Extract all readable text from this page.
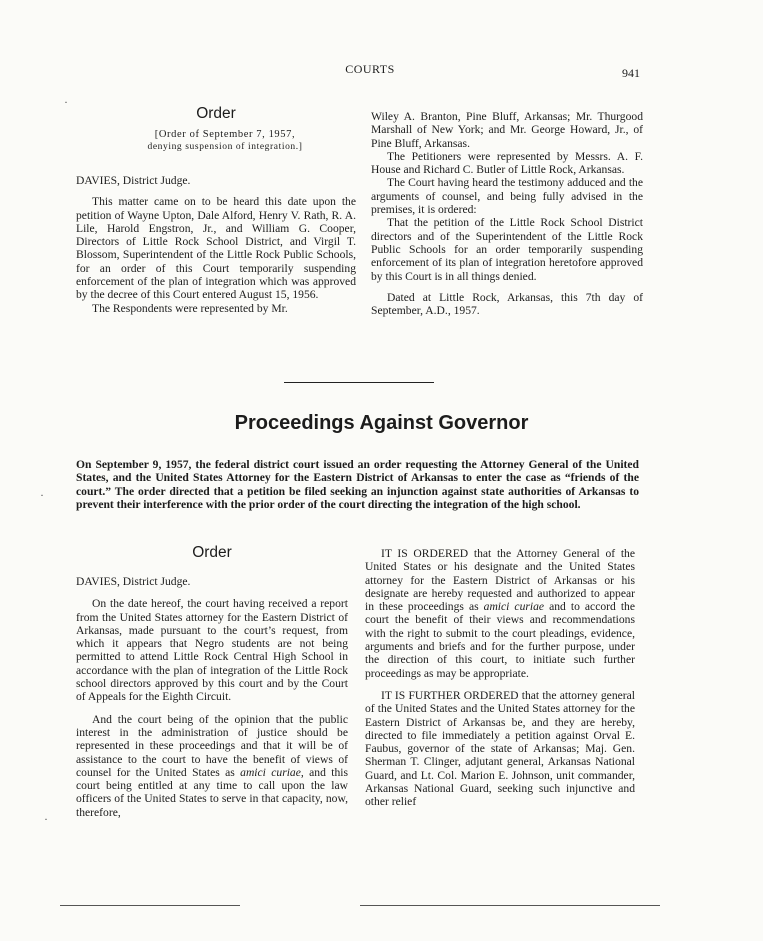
COURTS	941
Order
[Order of September 7, 1957,
denying suspension of integration.]

DAVIES, District Judge.

This matter came on to be heard this date upon the petition of Wayne Upton, Dale Alford, Henry V. Rath, R. A. Lile, Harold Engstron, Jr., and William G. Cooper, Directors of Little Rock School District, and Virgil T. Blossom, Superintendent of the Little Rock Public Schools, for an order of this Court temporarily suspending enforcement of the plan of integration which was approved by the decree of this Court entered August 15, 1956.

The Respondents were represented by Mr.

Wiley A. Branton, Pine Bluff, Arkansas; Mr. Thurgood Marshall of New York; and Mr. George Howard, Jr., of Pine Bluff, Arkansas.

The Petitioners were represented by Messrs. A. F. House and Richard C. Butler of Little Rock, Arkansas.

The Court having heard the testimony adduced and the arguments of counsel, and being fully advised in the premises, it is ordered:

That the petition of the Little Rock School District directors and of the Superintendent of the Little Rock Public Schools for an order temporarily suspending enforcement of its plan of integration heretofore approved by this Court is in all things denied.

Dated at Little Rock, Arkansas, this 7th day of September, A.D., 1957.

Proceedings Against Governor
On September 9, 1957, the federal district court issued an order requesting the Attorney General of the United States, and the United States Attorney for the Eastern District of Arkansas to enter the case as “friends of the court.” The order directed that a petition be filed seeking an injunction against state authorities of Arkansas to prevent their interference with the prior order of the court directing the integration of the high school.
Order

DAVIES, District Judge.

On the date hereof, the court having received a report from the United States attorney for the Eastern District of Arkansas, made pursuant to the court’s request, from which it appears that Negro students are not being permitted to attend Little Rock Central High School in accordance with the plan of integration of the Little Rock school directors approved by this court and by the Court of Appeals for the Eighth Circuit.

And the court being of the opinion that the public interest in the administration of justice should be represented in these proceedings and that it will be of assistance to the court to have the benefit of views of counsel for the United States as amici curiae, and this court being entitled at any time to call upon the law officers of the United States to serve in that capacity, now, therefore,

IT IS ORDERED that the Attorney General of the United States or his designate and the United States attorney for the Eastern District of Arkansas or his designate are hereby requested and authorized to appear in these proceedings as amici curiae and to accord the court the benefit of their views and recommendations with the right to submit to the court pleadings, evidence, arguments and briefs and for the further purpose, under the direction of this court, to initiate such further proceedings as may be appropriate.

IT IS FURTHER ORDERED that the attorney general of the United States and the United States attorney for the Eastern District of Arkansas be, and they are hereby, directed to file immediately a petition against Orval E. Faubus, governor of the state of Arkansas; Maj. Gen. Sherman T. Clinger, adjutant general, Arkansas National Guard, and Lt. Col. Marion E. Johnson, unit commander, Arkansas National Guard, seeking such injunctive and other relief

·
·
·
